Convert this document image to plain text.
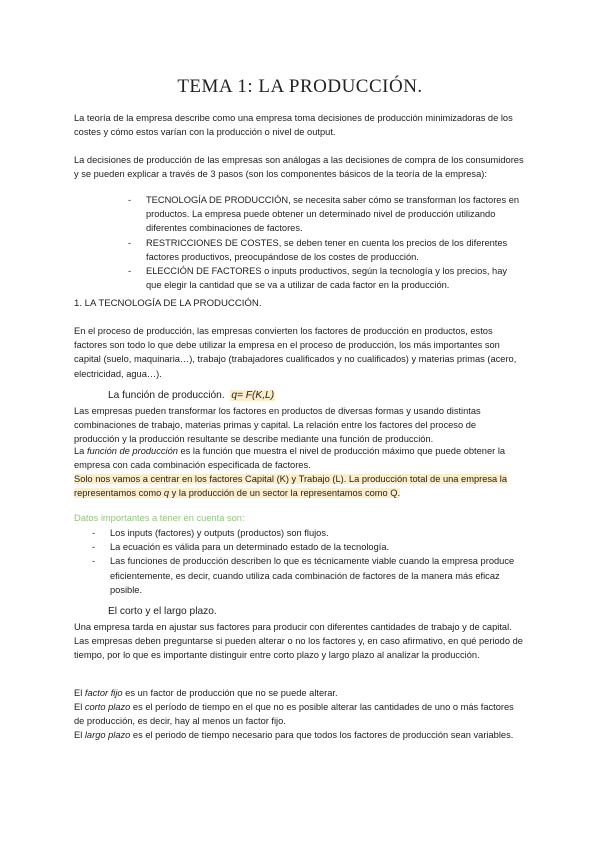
TEMA 1: LA PRODUCCIÓN.

La teoría de la empresa describe como una empresa toma decisiones de producción minimizadoras de los costes y cómo estos varían con la producción o nivel de output.

La decisiones de producción de las empresas son análogas a las decisiones de compra de los consumidores y se pueden explicar a través de 3 pasos (son los componentes básicos de la teoría de la empresa):

- TECNOLOGÍA DE PRODUCCIÓN, se necesita saber cómo se transforman los factores en productos. La empresa puede obtener un determinado nivel de producción utilizando diferentes combinaciones de factores.
- RESTRICCIONES DE COSTES, se deben tener en cuenta los precios de los diferentes factores productivos, preocupándose de los costes de producción.
- ELECCIÓN DE FACTORES o inputs productivos, según la tecnología y los precios, hay que elegir la cantidad que se va a utilizar de cada factor en la producción.

1. LA TECNOLOGÍA DE LA PRODUCCIÓN.

En el proceso de producción, las empresas convierten los factores de producción en productos, estos factores son todo lo que debe utilizar la empresa en el proceso de producción, los más importantes son capital (suelo, maquinaria…), trabajo (trabajadores cualificados y no cualificados) y materias primas (acero, electricidad, agua…).

La función de producción. q= F(K,L)

Las empresas pueden transformar los factores en productos de diversas formas y usando distintas combinaciones de trabajo, materias primas y capital. La relación entre los factores del proceso de producción y la producción resultante se describe mediante una función de producción.

La función de producción es la función que muestra el nivel de producción máximo que puede obtener la empresa con cada combinación especificada de factores.

Solo nos vamos a centrar en los factores Capital (K) y Trabajo (L). La producción total de una empresa la representamos como q y la producción de un sector la representamos como Q.

Datos importantes a tener en cuenta son:

- Los inputs (factores) y outputs (productos) son flujos.
- La ecuación es válida para un determinado estado de la tecnología.
- Las funciones de producción describen lo que es técnicamente viable cuando la empresa produce eficientemente, es decir, cuando utiliza cada combinación de factores de la manera más eficaz posible.

El corto y el largo plazo.

Una empresa tarda en ajustar sus factores para producir con diferentes cantidades de trabajo y de capital. Las empresas deben preguntarse si pueden alterar o no los factores y, en caso afirmativo, en qué periodo de tiempo, por lo que es importante distinguir entre corto plazo y largo plazo al analizar la producción.

El factor fijo es un factor de producción que no se puede alterar.

El corto plazo es el período de tiempo en el que no es posible alterar las cantidades de uno o más factores de producción, es decir, hay al menos un factor fijo.

El largo plazo es el periodo de tiempo necesario para que todos los factores de producción sean variables.
